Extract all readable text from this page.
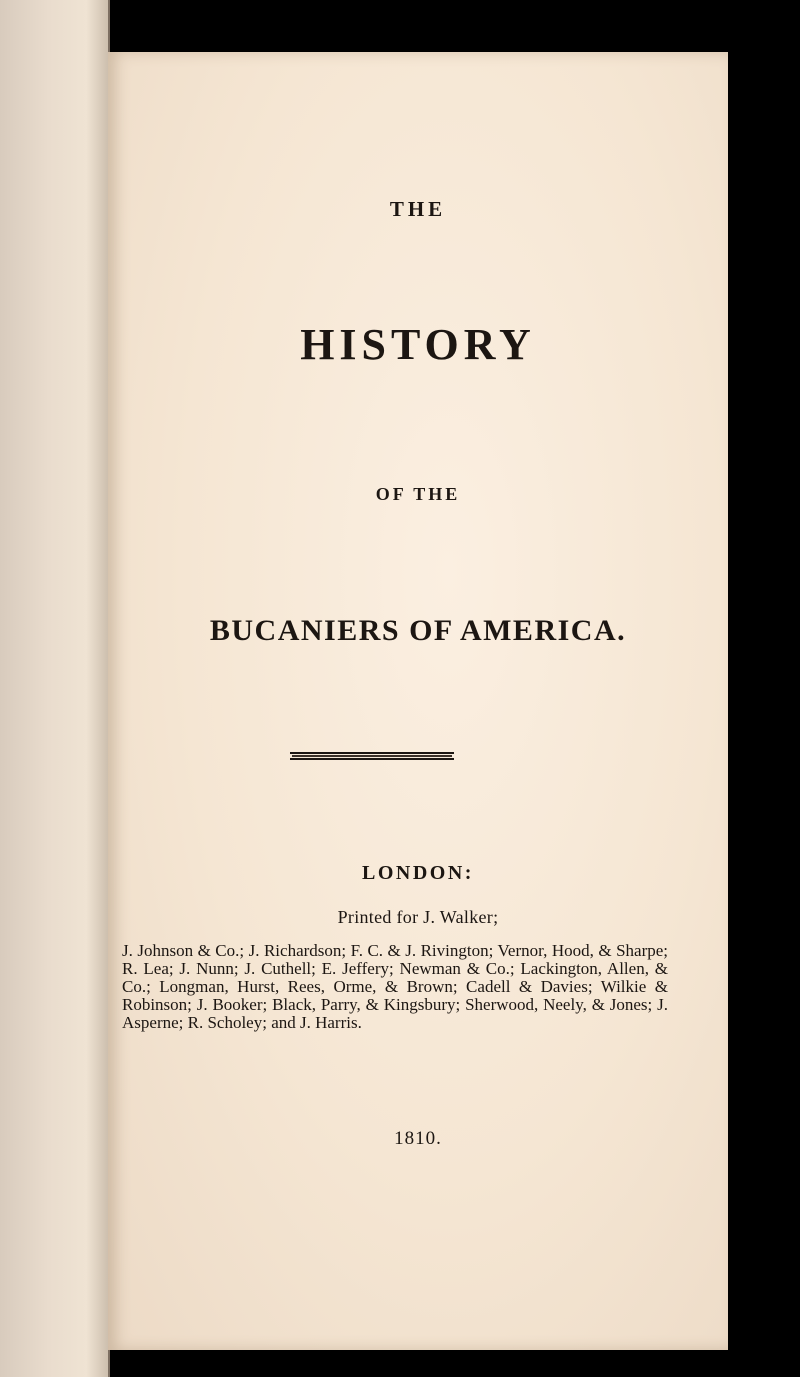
THE
HISTORY
OF THE
BUCANIERS OF AMERICA.
LONDON:
Printed for J. Walker;
J. Johnson & Co.; J. Richardson; F. C. & J. Rivington; Vernor, Hood, & Sharpe; R. Lea; J. Nunn; J. Cuthell; E. Jeffery; Newman & Co.; Lackington, Allen, & Co.; Longman, Hurst, Rees, Orme, & Brown; Cadell & Davies; Wilkie & Robinson; J. Booker; Black, Parry, & Kingsbury; Sherwood, Neely, & Jones; J. Asperne; R. Scholey; and J. Harris.
1810.
